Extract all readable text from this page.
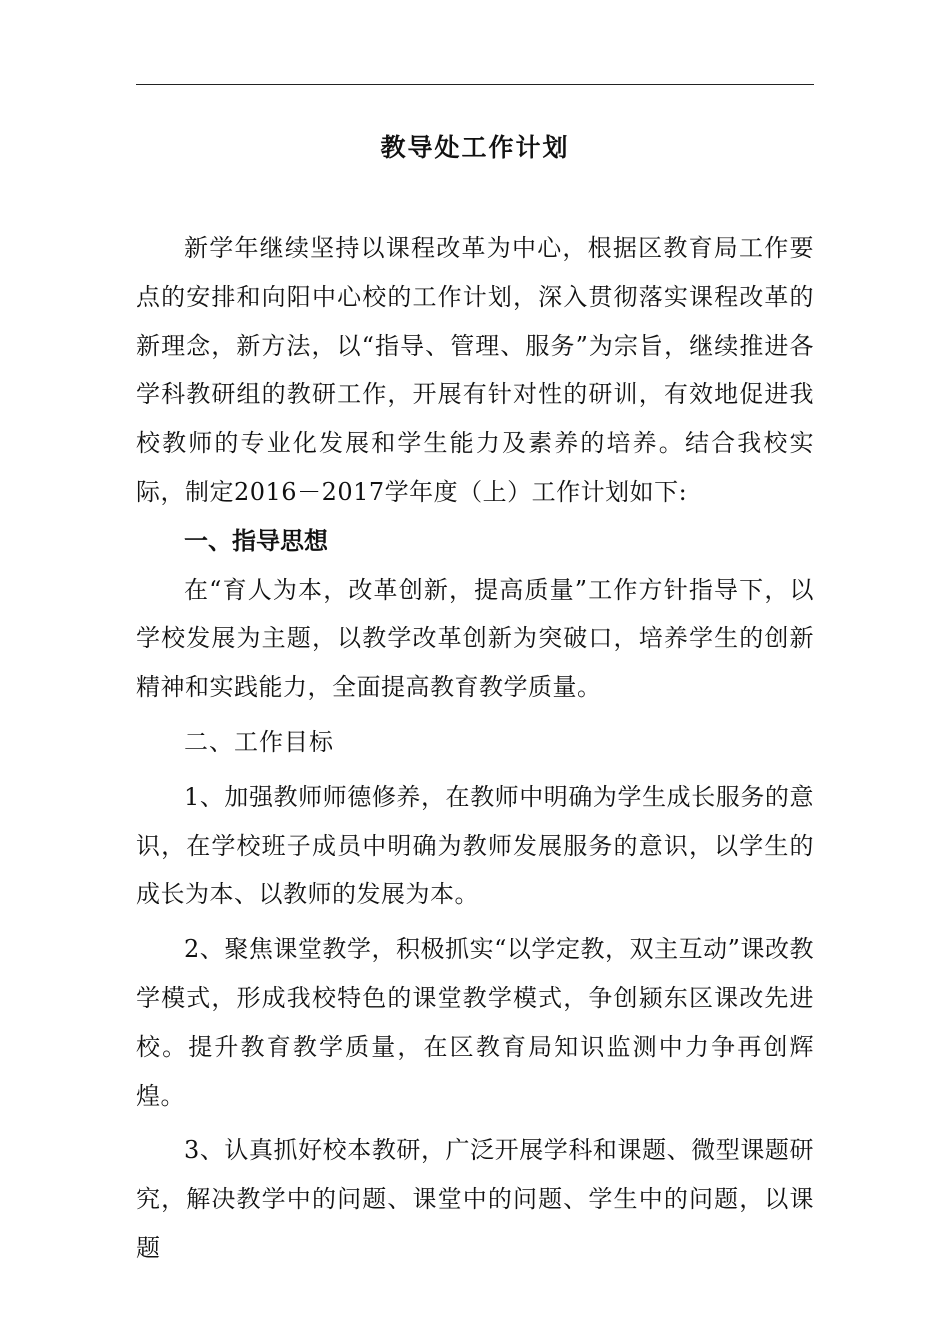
教导处工作计划

新学年继续坚持以课程改革为中心，根据区教育局工作要点的安排和向阳中心校的工作计划，深入贯彻落实课程改革的新理念，新方法，以“指导、管理、服务”为宗旨，继续推进各学科教研组的教研工作，开展有针对性的研训，有效地促进我校教师的专业化发展和学生能力及素养的培养。结合我校实际，制定2016－2017学年度（上）工作计划如下:

一、指导思想

在“育人为本，改革创新，提高质量”工作方针指导下，以学校发展为主题，以教学改革创新为突破口，培养学生的创新精神和实践能力，全面提高教育教学质量。

二、工作目标

1、加强教师师德修养，在教师中明确为学生成长服务的意识，在学校班子成员中明确为教师发展服务的意识，以学生的成长为本、以教师的发展为本。

2、聚焦课堂教学，积极抓实“以学定教，双主互动”课改教学模式，形成我校特色的课堂教学模式，争创颍东区课改先进校。提升教育教学质量，在区教育局知识监测中力争再创辉煌。

3、认真抓好校本教研，广泛开展学科和课题、微型课题研究，解决教学中的问题、课堂中的问题、学生中的问题，以课题
